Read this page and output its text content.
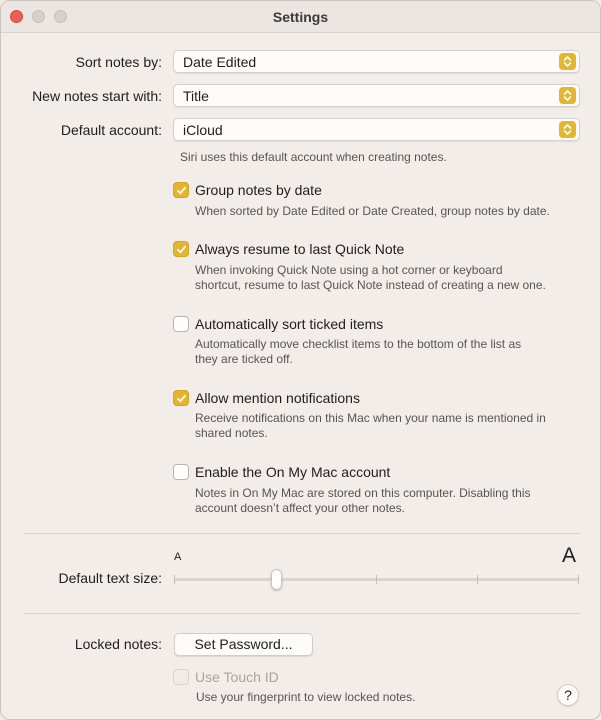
Settings
Sort notes by: Date Edited
New notes start with: Title
Default account: iCloud
Siri uses this default account when creating notes.
Group notes by date
When sorted by Date Edited or Date Created, group notes by date.
Always resume to last Quick Note
When invoking Quick Note using a hot corner or keyboard
shortcut, resume to last Quick Note instead of creating a new one.
Automatically sort ticked items
Automatically move checklist items to the bottom of the list as
they are ticked off.
Allow mention notifications
Receive notifications on this Mac when your name is mentioned in
shared notes.
Enable the On My Mac account
Notes in On My Mac are stored on this computer. Disabling this
account doesn’t affect your other notes.
Default text size:
A	A
Locked notes:	Set Password...
Use Touch ID
Use your fingerprint to view locked notes.	?
